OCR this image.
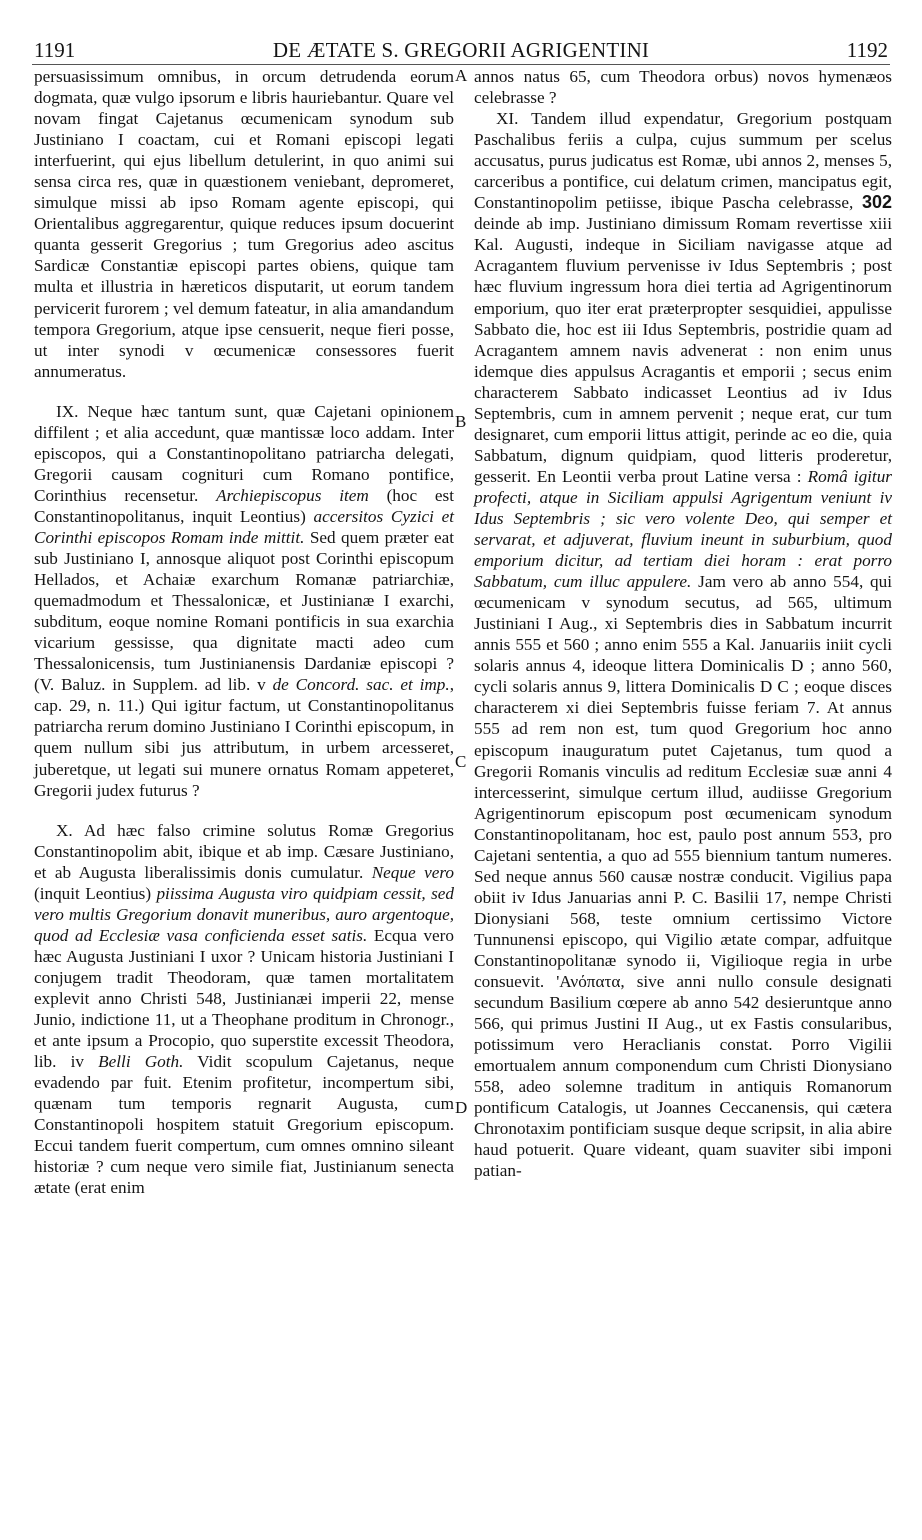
1191	DE ÆTATE S. GREGORII AGRIGENTINI	1192

persuasissimum omnibus, in orcum detrudenda eorum dogmata, quæ vulgo ipsorum e libris hauriebantur. Quare vel novam fingat Cajetanus œcumenicam synodum sub Justiniano I coactam, cui et Romani episcopi legati interfuerint, qui ejus libellum detulerint, in quo animi sui sensa circa res, quæ in quæstionem veniebant, depromeret, simulque missi ab ipso Romam agente episcopi, qui Orientalibus aggregarentur, quique reduces ipsum docuerint quanta gesserit Gregorius ; tum Gregorius adeo ascitus Sardicæ Constantiæ episcopi partes obiens, quique tam multa et illustria in hæreticos disputarit, ut eorum tandem pervicerit furorem ; vel demum fateatur, in alia amandandum tempora Gregorium, atque ipse censuerit, neque fieri posse, ut inter synodi v œcumenicæ consessores fuerit annumeratus.

IX. Neque hæc tantum sunt, quæ Cajetani opinionem diffilent ; et alia accedunt, quæ mantissæ loco addam. Inter episcopos, qui a Constantinopolitano patriarcha delegati, Gregorii causam cognituri cum Romano pontifice, Corinthius recensetur. Archiepiscopus item (hoc est Constantinopolitanus, inquit Leontius) accersitos Cyzici et Corinthi episcopos Romam inde mittit. Sed quem præter eat sub Justiniano I, annosque aliquot post Corinthi episcopum Hellados, et Achaiæ exarchum Romanæ patriarchiæ, quemadmodum et Thessalonicæ, et Justinianæ I exarchi, subditum, eoque nomine Romani pontificis in sua exarchia vicarium gessisse, qua dignitate macti adeo cum Thessalonicensis, tum Justinianensis Dardaniæ episcopi ? (V. Baluz. in Supplem. ad lib. v de Concord. sac. et imp., cap. 29, n. 11.) Qui igitur factum, ut Constantinopolitanus patriarcha rerum domino Justiniano I Corinthi episcopum, in quem nullum sibi jus attributum, in urbem arcesseret, juberetque, ut legati sui munere ornatus Romam appeteret, Gregorii judex futurus ?

X. Ad hæc falso crimine solutus Romæ Gregorius Constantinopolim abit, ibique et ab imp. Cæsare Justiniano, et ab Augusta liberalissimis donis cumulatur. Neque vero (inquit Leontius) piissima Augusta viro quidpiam cessit, sed vero multis Gregorium donavit muneribus, auro argentoque, quod ad Ecclesiæ vasa conficienda esset satis. Ecqua vero hæc Augusta Justiniani I uxor ? Unicam historia Justiniani I conjugem tradit Theodoram, quæ tamen mortalitatem explevit anno Christi 548, Justinianæi imperii 22, mense Junio, indictione 11, ut a Theophane proditum in Chronogr., et ante ipsum a Procopio, quo superstite excessit Theodora, lib. iv Belli Goth. Vidit scopulum Cajetanus, neque evadendo par fuit. Etenim profitetur, incompertum sibi, quænam tum temporis regnarit Augusta, cum Constantinopoli hospitem statuit Gregorium episcopum. Eccui tandem fuerit compertum, cum omnes omnino sileant historiæ ? cum neque vero simile fiat, Justinianum senecta ætate (erat enim

A
B
C
D

annos natus 65, cum Theodora orbus) novos hymenæos celebrasse ?

XI. Tandem illud expendatur, Gregorium postquam Paschalibus feriis a culpa, cujus summum per scelus accusatus, purus judicatus est Romæ, ubi annos 2, menses 5, carceribus a pontifice, cui delatum crimen, mancipatus egit, Constantinopolim petiisse, ibique Pascha celebrasse, 302 deinde ab imp. Justiniano dimissum Romam revertisse xiii Kal. Augusti, indeque in Siciliam navigasse atque ad Acragantem fluvium pervenisse iv Idus Septembris ; post hæc fluvium ingressum hora diei tertia ad Agrigentinorum emporium, quo iter erat præterpropter sesquidiei, appulisse Sabbato die, hoc est iii Idus Septembris, postridie quam ad Acragantem amnem navis advenerat : non enim unus idemque dies appulsus Acragantis et emporii ; secus enim characterem Sabbato indicasset Leontius ad iv Idus Septembris, cum in amnem pervenit ; neque erat, cur tum designaret, cum emporii littus attigit, perinde ac eo die, quia Sabbatum, dignum quidpiam, quod litteris proderetur, gesserit. En Leontii verba prout Latine versa : Româ igitur profecti, atque in Siciliam appulsi Agrigentum veniunt iv Idus Septembris ; sic vero volente Deo, qui semper et servarat, et adjuverat, fluvium ineunt in suburbium, quod emporium dicitur, ad tertiam diei horam : erat porro Sabbatum, cum illuc appulere. Jam vero ab anno 554, qui œcumenicam v synodum secutus, ad 565, ultimum Justiniani I Aug., xi Septembris dies in Sabbatum incurrit annis 555 et 560 ; anno enim 555 a Kal. Januariis iniit cycli solaris annus 4, ideoque littera Dominicalis D ; anno 560, cycli solaris annus 9, littera Dominicalis D C ; eoque disces characterem xi diei Septembris fuisse feriam 7. At annus 555 ad rem non est, tum quod Gregorium hoc anno episcopum inauguratum putet Cajetanus, tum quod a Gregorii Romanis vinculis ad reditum Ecclesiæ suæ anni 4 intercesserint, simulque certum illud, audiisse Gregorium Agrigentinorum episcopum post œcumenicam synodum Constantinopolitanam, hoc est, paulo post annum 553, pro Cajetani sententia, a quo ad 555 biennium tantum numeres. Sed neque annus 560 causæ nostræ conducit. Vigilius papa obiit iv Idus Januarias anni P. C. Basilii 17, nempe Christi Dionysiani 568, teste omnium certissimo Victore Tunnunensi episcopo, qui Vigilio ætate compar, adfuitque Constantinopolitanæ synodo ii, Vigilioque regia in urbe consuevit. 'Ανόπατα, sive anni nullo consule designati secundum Basilium cœpere ab anno 542 desieruntque anno 566, qui primus Justini II Aug., ut ex Fastis consularibus, potissimum vero Heraclianis constat. Porro Vigilii emortualem annum componendum cum Christi Dionysiano 558, adeo solemne traditum in antiquis Romanorum pontificum Catalogis, ut Joannes Ceccanensis, qui cætera Chronotaxim pontificiam susque deque scripsit, in alia abire haud potuerit. Quare videant, quam suaviter sibi imponi patian-
